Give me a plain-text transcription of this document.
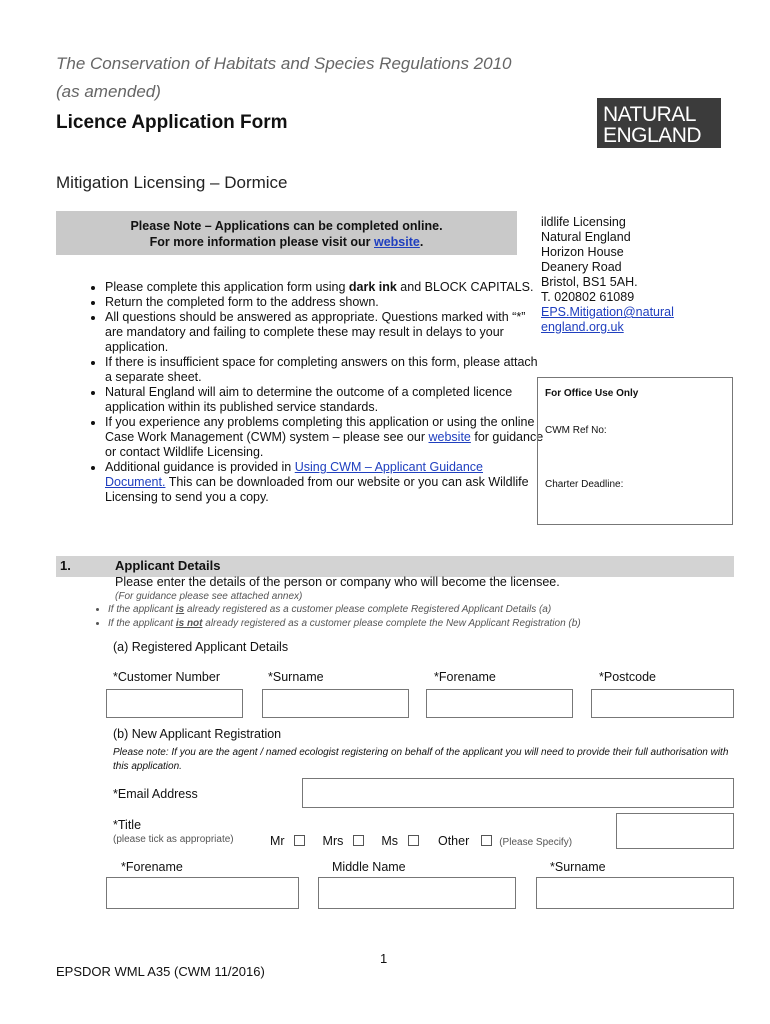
The Conservation of Habitats and Species Regulations 2010
(as amended)
Licence Application Form	NATURAL
ENGLAND
Mitigation Licensing – Dormice
Please Note – Applications can be completed online.
For more information please visit our website.
• Please complete this application form using dark ink and BLOCK CAPITALS.
• Return the completed form to the address shown.
• All questions should be answered as appropriate. Questions marked with “*” are mandatory and failing to complete these may result in delays to your application.
• If there is insufficient space for completing answers on this form, please attach a separate sheet.
• Natural England will aim to determine the outcome of a completed licence application within its published service standards.
• If you experience any problems completing this application or using the online Case Work Management (CWM) system – please see our website for guidance or contact Wildlife Licensing.
• Additional guidance is provided in Using CWM – Applicant Guidance Document. This can be downloaded from our website or you can ask Wildlife Licensing to send you a copy.
ildlife Licensing
Natural England
Horizon House
Deanery Road
Bristol, BS1 5AH.
T. 020802 61089
EPS.Mitigation@natural
england.org.uk
For Office Use Only
CWM Ref No:
Charter Deadline:
1.	Applicant Details
Please enter the details of the person or company who will become the licensee.
(For guidance please see attached annex)
• If the applicant is already registered as a customer please complete Registered Applicant Details (a)
• If the applicant is not already registered as a customer please complete the New Applicant Registration (b)
(a) Registered Applicant Details
*Customer Number	*Surname	*Forename	*Postcode
(b) New Applicant Registration
Please note: If you are the agent / named ecologist registering on behalf of the applicant you will need to provide their full authorisation with this application.
*Email Address
*Title
(please tick as appropriate)	Mr	Mrs	Ms	Other	(Please Specify)
*Forename	Middle Name	*Surname
1
EPSDOR WML A35 (CWM 11/2016)
